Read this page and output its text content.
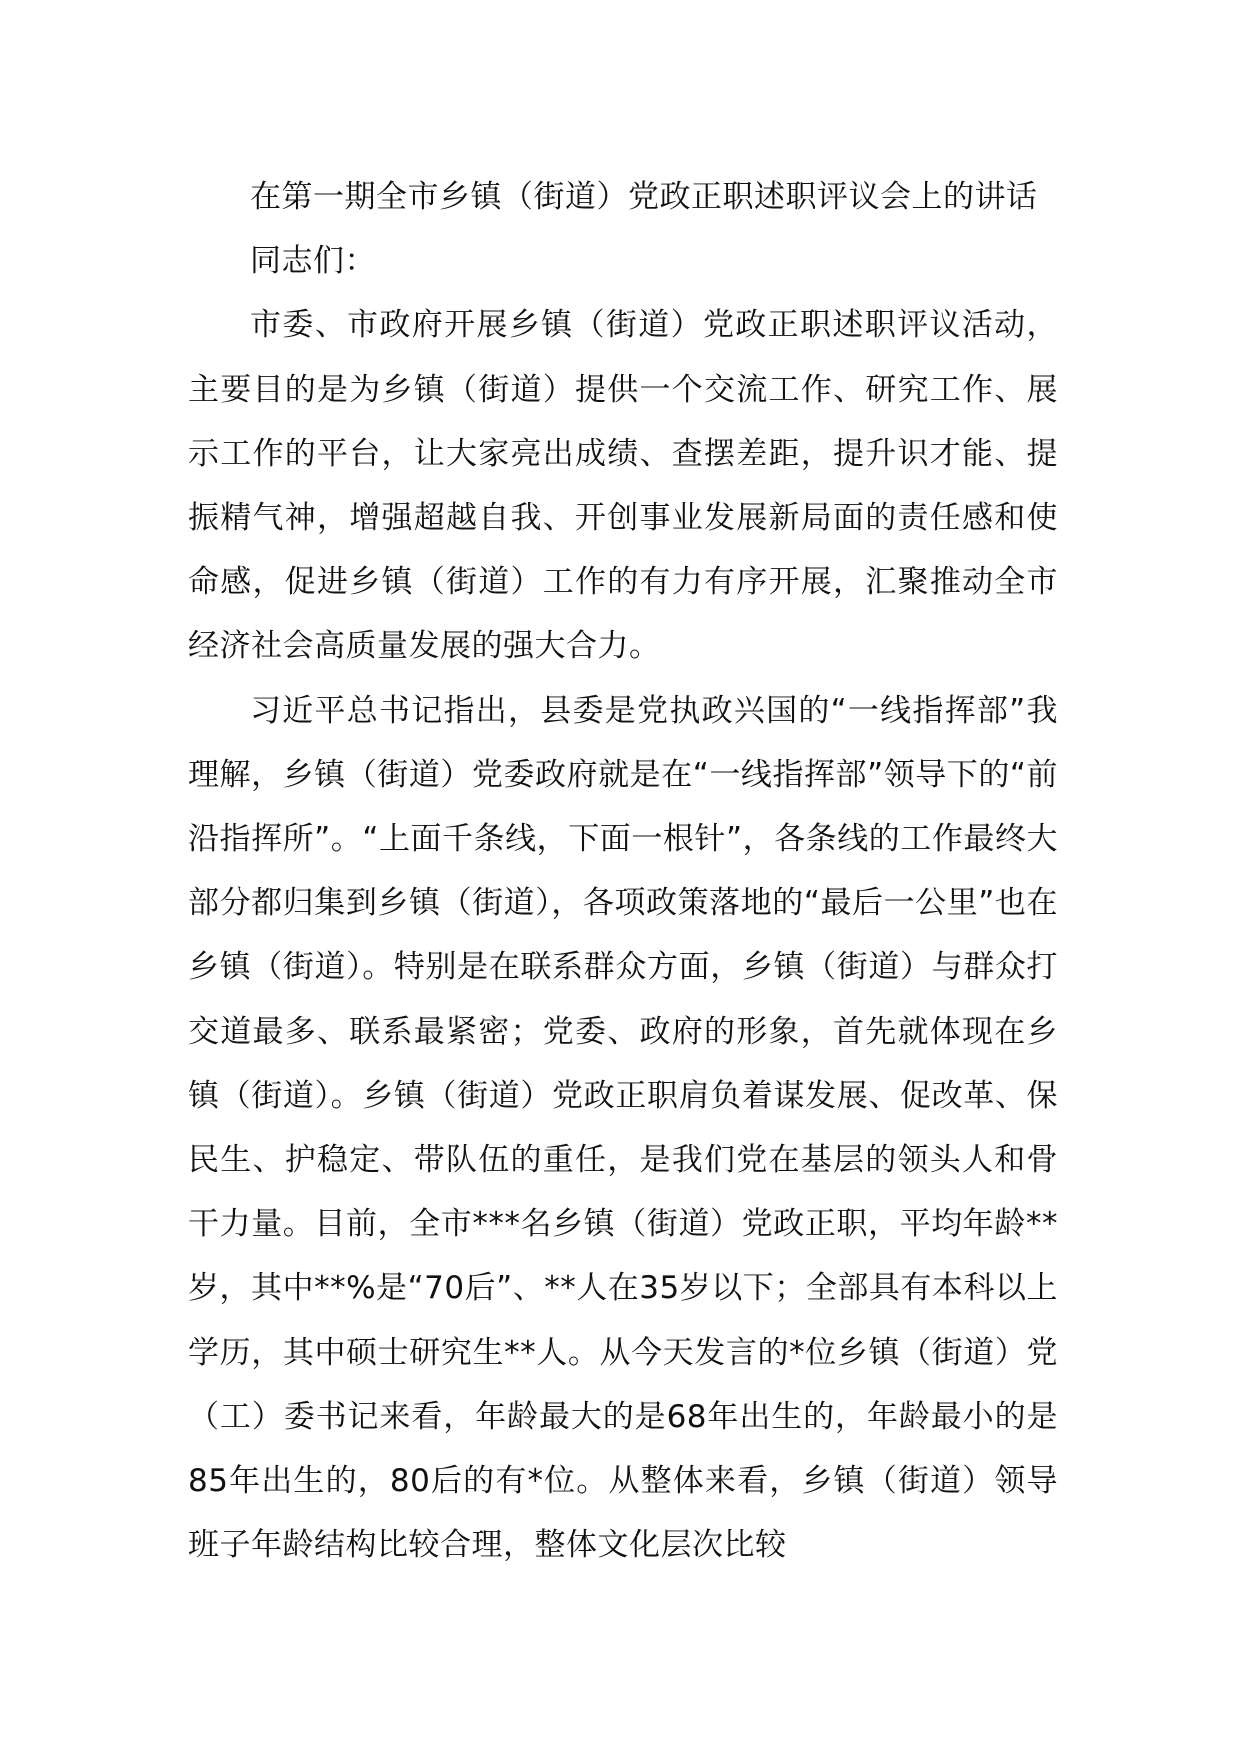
在第一期全市乡镇（街道）党政正职述职评议会上的讲话

同志们：

市委、市政府开展乡镇（街道）党政正职述职评议活动，主要目的是为乡镇（街道）提供一个交流工作、研究工作、展示工作的平台，让大家亮出成绩、查摆差距，提升识才能、提振精气神，增强超越自我、开创事业发展新局面的责任感和使命感，促进乡镇（街道）工作的有力有序开展，汇聚推动全市经济社会高质量发展的强大合力。

习近平总书记指出，县委是党执政兴国的“一线指挥部”我理解，乡镇（街道）党委政府就是在“一线指挥部”领导下的“前沿指挥所”。“上面千条线，下面一根针”，各条线的工作最终大部分都归集到乡镇（街道），各项政策落地的“最后一公里”也在乡镇（街道）。特别是在联系群众方面，乡镇（街道）与群众打交道最多、联系最紧密；党委、政府的形象，首先就体现在乡镇（街道）。乡镇（街道）党政正职肩负着谋发展、促改革、保民生、护稳定、带队伍的重任，是我们党在基层的领头人和骨干力量。目前，全市***名乡镇（街道）党政正职，平均年龄**岁，其中**%是“70后”、**人在35岁以下；全部具有本科以上学历，其中硕士研究生**人。从今天发言的*位乡镇（街道）党（工）委书记来看，年龄最大的是68年出生的，年龄最小的是85年出生的，80后的有*位。从整体来看，乡镇（街道）领导班子年龄结构比较合理，整体文化层次比较
